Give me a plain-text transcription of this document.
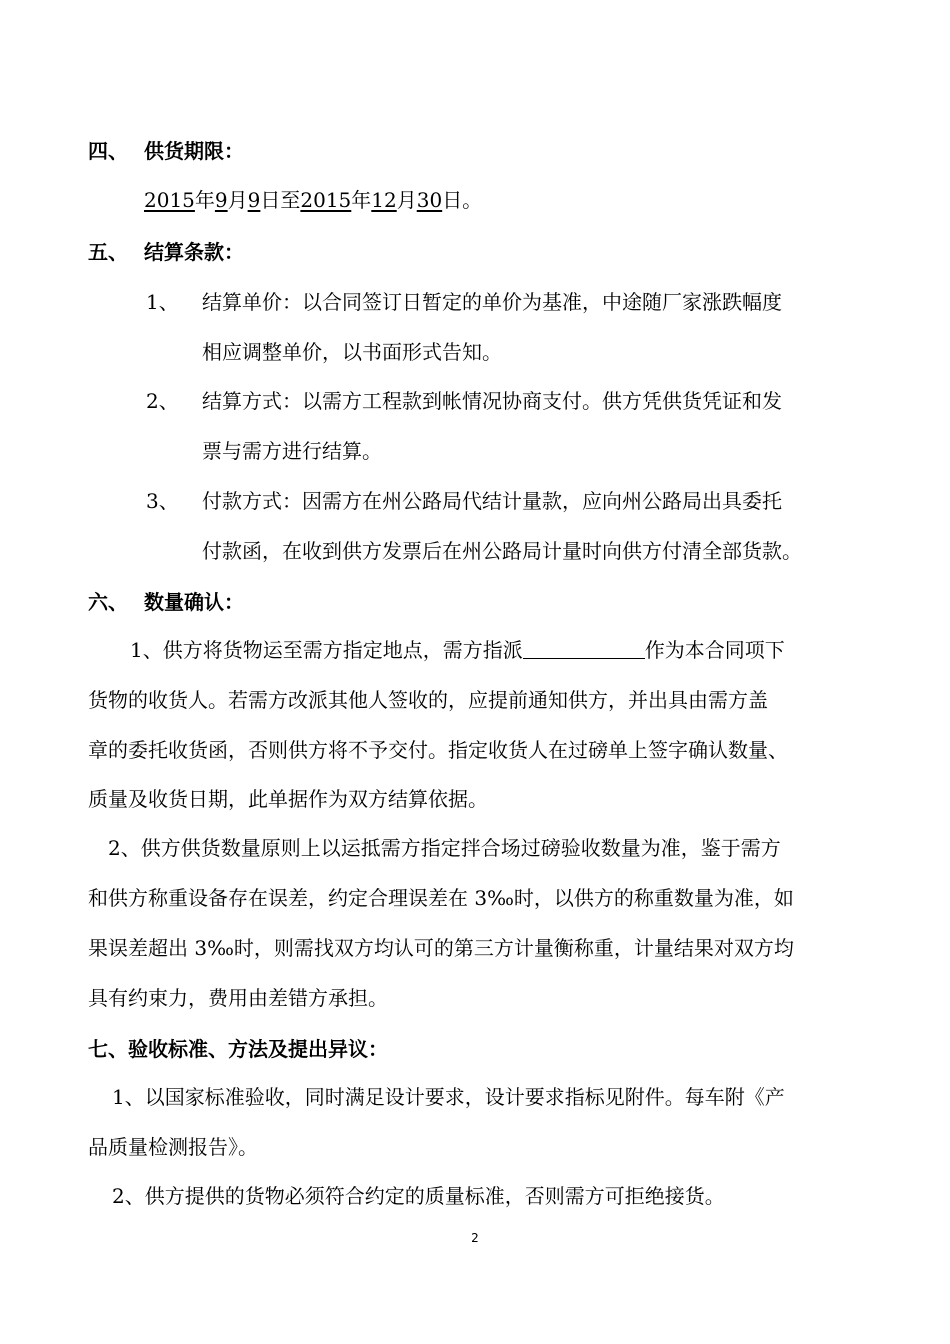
四、 供货期限：
2015年9月9日至2015年12月30日。
五、 结算条款：
1、 结算单价：以合同签订日暂定的单价为基准，中途随厂家涨跌幅度
相应调整单价，以书面形式告知。
2、 结算方式：以需方工程款到帐情况协商支付。供方凭供货凭证和发
票与需方进行结算。
3、 付款方式：因需方在州公路局代结计量款，应向州公路局出具委托
付款函，在收到供方发票后在州公路局计量时向供方付清全部货款。
六、 数量确认：
1、供方将货物运至需方指定地点，需方指派	作为本合同项下
货物的收货人。若需方改派其他人签收的，应提前通知供方，并出具由需方盖
章的委托收货函，否则供方将不予交付。指定收货人在过磅单上签字确认数量、
质量及收货日期，此单据作为双方结算依据。
2、供方供货数量原则上以运抵需方指定拌合场过磅验收数量为准，鉴于需方
和供方称重设备存在误差，约定合理误差在 3‰时，以供方的称重数量为准，如
果误差超出 3‰时，则需找双方均认可的第三方计量衡称重，计量结果对双方均
具有约束力，费用由差错方承担。
七、验收标准、方法及提出异议：
1、以国家标准验收，同时满足设计要求，设计要求指标见附件。每车附《产
品质量检测报告》。
2、供方提供的货物必须符合约定的质量标准，否则需方可拒绝接货。
2
